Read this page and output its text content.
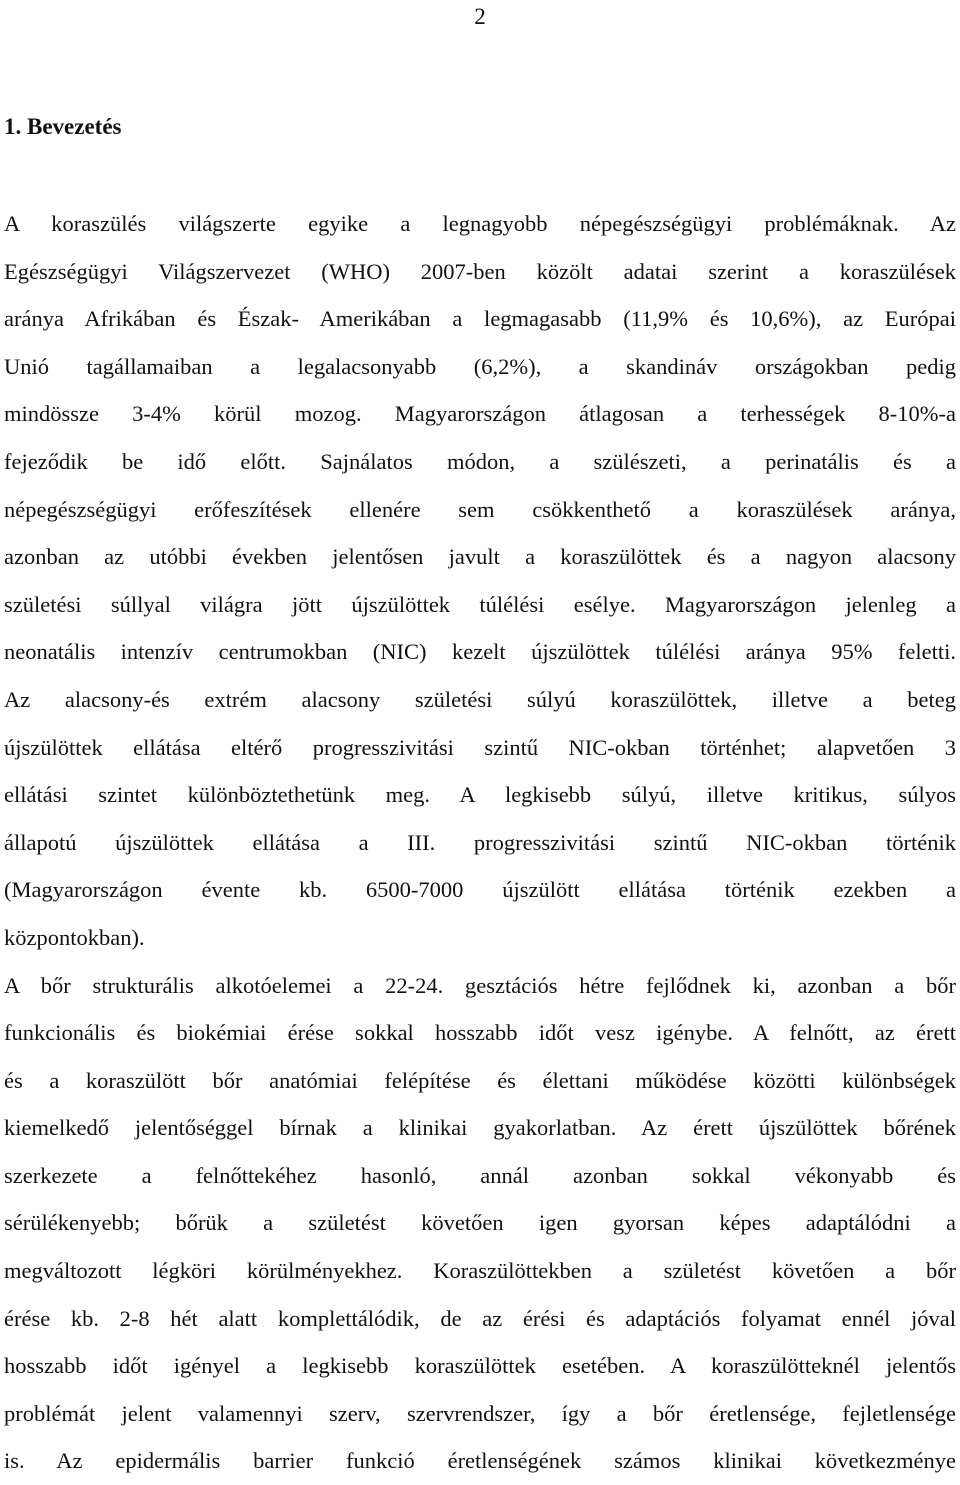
2
1. Bevezetés
A koraszülés világszerte egyike a legnagyobb népegészségügyi problémáknak. Az
Egészségügyi Világszervezet (WHO) 2007-ben közölt adatai szerint a koraszülések
aránya Afrikában és Észak- Amerikában a legmagasabb (11,9% és 10,6%), az Európai
Unió tagállamaiban a legalacsonyabb (6,2%), a skandináv országokban pedig
mindössze 3-4% körül mozog. Magyarországon átlagosan a terhességek 8-10%-a
fejeződik be idő előtt. Sajnálatos módon, a szülészeti, a perinatális és a
népegészségügyi erőfeszítések ellenére sem csökkenthető a koraszülések aránya,
azonban az utóbbi években jelentősen javult a koraszülöttek és a nagyon alacsony
születési súllyal világra jött újszülöttek túlélési esélye. Magyarországon jelenleg a
neonatális intenzív centrumokban (NIC) kezelt újszülöttek túlélési aránya 95% feletti.
Az alacsony-és extrém alacsony születési súlyú koraszülöttek, illetve a beteg
újszülöttek ellátása eltérő progresszivitási szintű NIC-okban történhet; alapvetően 3
ellátási szintet különböztethetünk meg. A legkisebb súlyú, illetve kritikus, súlyos
állapotú újszülöttek ellátása a III. progresszivitási szintű NIC-okban történik
(Magyarországon évente kb. 6500-7000 újszülött ellátása történik ezekben a
központokban).
A bőr strukturális alkotóelemei a 22-24. gesztációs hétre fejlődnek ki, azonban a bőr
funkcionális és biokémiai érése sokkal hosszabb időt vesz igénybe. A felnőtt, az érett
és a koraszülött bőr anatómiai felépítése és élettani működése közötti különbségek
kiemelkedő jelentőséggel bírnak a klinikai gyakorlatban. Az érett újszülöttek bőrének
szerkezete a felnőttekéhez hasonló, annál azonban sokkal vékonyabb és
sérülékenyebb; bőrük a születést követően igen gyorsan képes adaptálódni a
megváltozott légköri körülményekhez. Koraszülöttekben a születést követően a bőr
érése kb. 2-8 hét alatt komplettálódik, de az érési és adaptációs folyamat ennél jóval
hosszabb időt igényel a legkisebb koraszülöttek esetében. A koraszülötteknél jelentős
problémát jelent valamennyi szerv, szervrendszer, így a bőr éretlensége, fejletlensége
is. Az epidermális barrier funkció éretlenségének számos klinikai következménye
